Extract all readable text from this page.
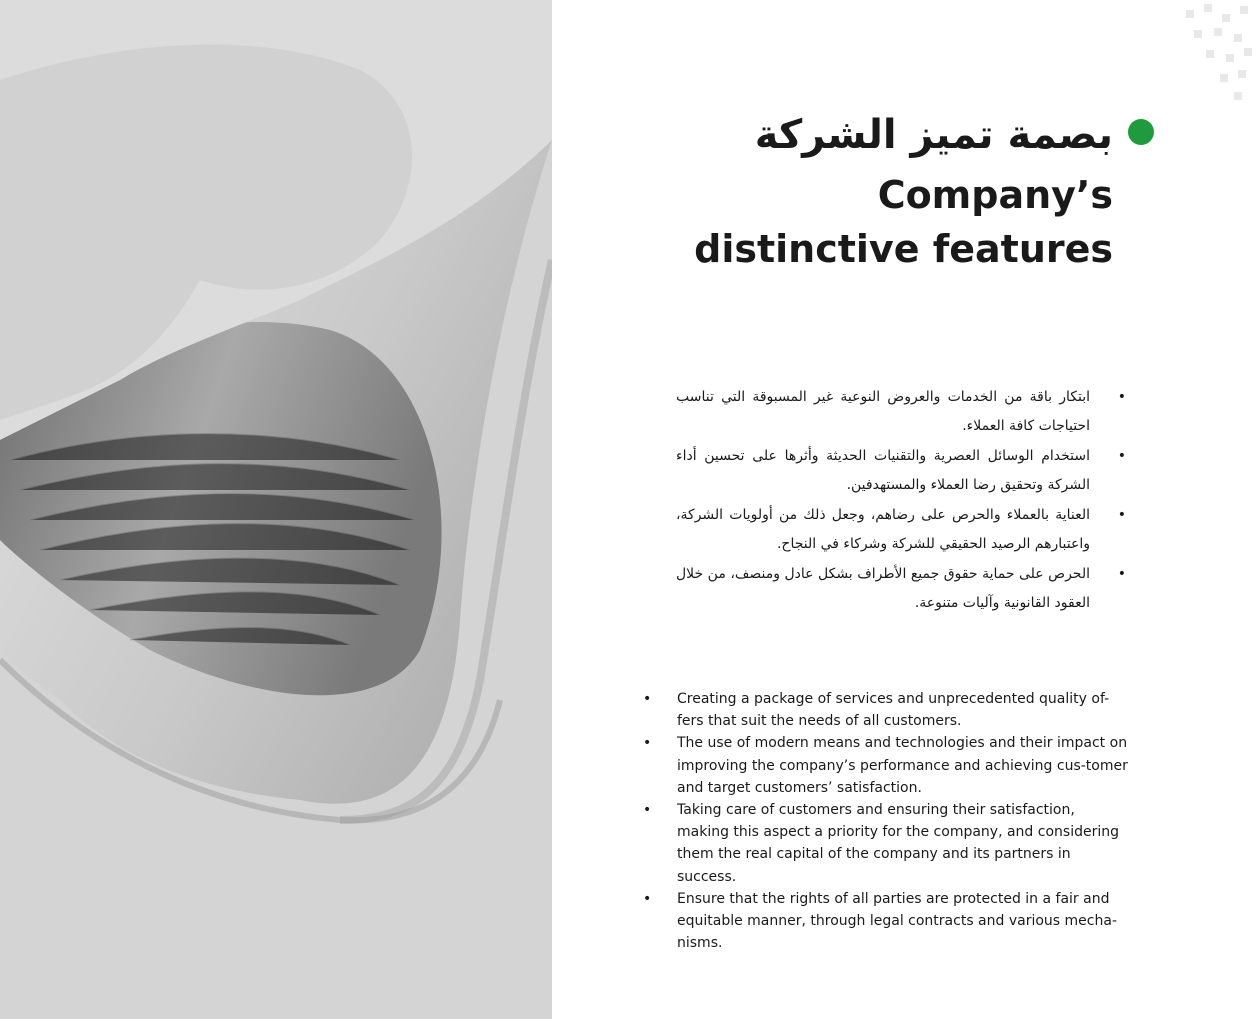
بصمة تميز الشركة
Company’s
distinctive features
• ابتكار باقة من الخدمات والعروض النوعية غير المسبوقة التي تناسب احتياجات كافة العملاء.
• استخدام الوسائل العصرية والتقنيات الحديثة وأثرها على تحسين أداء الشركة وتحقيق رضا العملاء والمستهدفين.
• العناية بالعملاء والحرص على رضاهم، وجعل ذلك من أولويات الشركة، واعتبارهم الرصيد الحقيقي للشركة وشركاء في النجاح.
• الحرص على حماية حقوق جميع الأطراف بشكل عادل ومنصف، من خلال العقود القانونية وآليات متنوعة.
• Creating a package of services and unprecedented quality of-fers that suit the needs of all customers.
• The use of modern means and technologies and their impact on improving the company’s performance and achieving cus-tomer and target customers’ satisfaction.
• Taking care of customers and ensuring their satisfaction, making this aspect a priority for the company, and considering them the real capital of the company and its partners in success.
• Ensure that the rights of all parties are protected in a fair and equitable manner, through legal contracts and various mecha-nisms.
